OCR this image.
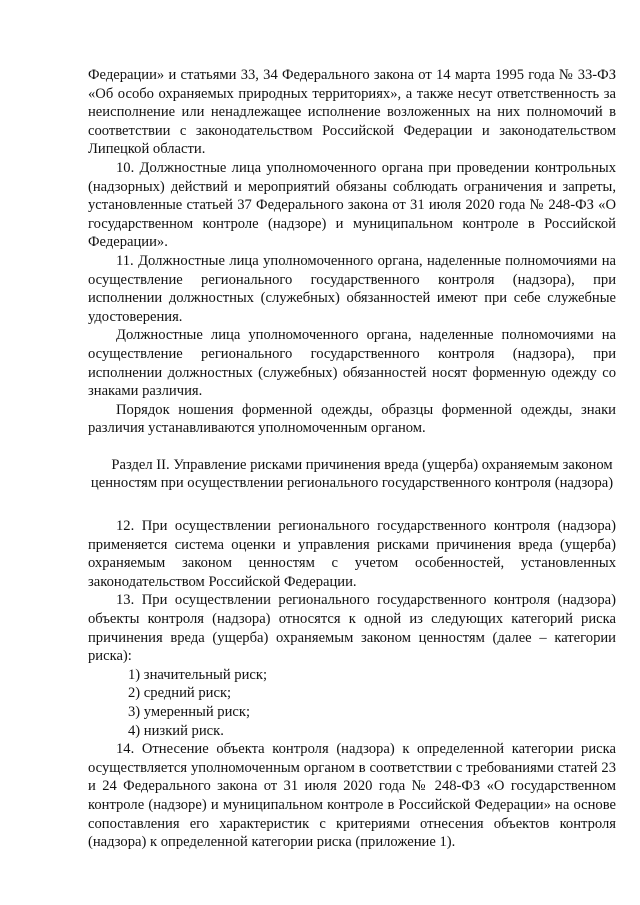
Федерации» и статьями 33, 34 Федерального закона от 14 марта 1995 года № 33-ФЗ «Об особо охраняемых природных территориях», а также несут ответственность за неисполнение или ненадлежащее исполнение возложенных на них полномочий в соответствии с законодательством Российской Федерации и законодательством Липецкой области.

10. Должностные лица уполномоченного органа при проведении контрольных (надзорных) действий и мероприятий обязаны соблюдать ограничения и запреты, установленные статьей 37 Федерального закона от 31 июля 2020 года № 248-ФЗ «О государственном контроле (надзоре) и муниципальном контроле в Российской Федерации».

11. Должностные лица уполномоченного органа, наделенные полномочиями на осуществление регионального государственного контроля (надзора), при исполнении должностных (служебных) обязанностей имеют при себе служебные удостоверения.

Должностные лица уполномоченного органа, наделенные полномочиями на осуществление регионального государственного контроля (надзора), при исполнении должностных (служебных) обязанностей носят форменную одежду со знаками различия.

Порядок ношения форменной одежды, образцы форменной одежды, знаки различия устанавливаются уполномоченным органом.

Раздел II. Управление рисками причинения вреда (ущерба) охраняемым законом ценностям при осуществлении регионального государственного контроля (надзора)

12. При осуществлении регионального государственного контроля (надзора) применяется система оценки и управления рисками причинения вреда (ущерба) охраняемым законом ценностям с учетом особенностей, установленных законодательством Российской Федерации.

13. При осуществлении регионального государственного контроля (надзора) объекты контроля (надзора) относятся к одной из следующих категорий риска причинения вреда (ущерба) охраняемым законом ценностям (далее – категории риска):

1) значительный риск;

2) средний риск;

3) умеренный риск;

4) низкий риск.

14. Отнесение объекта контроля (надзора) к определенной категории риска осуществляется уполномоченным органом в соответствии с требованиями статей 23 и 24 Федерального закона от 31 июля 2020 года № 248-ФЗ «О государственном контроле (надзоре) и муниципальном контроле в Российской Федерации» на основе сопоставления его характеристик с критериями отнесения объектов контроля (надзора) к определенной категории риска (приложение 1).
